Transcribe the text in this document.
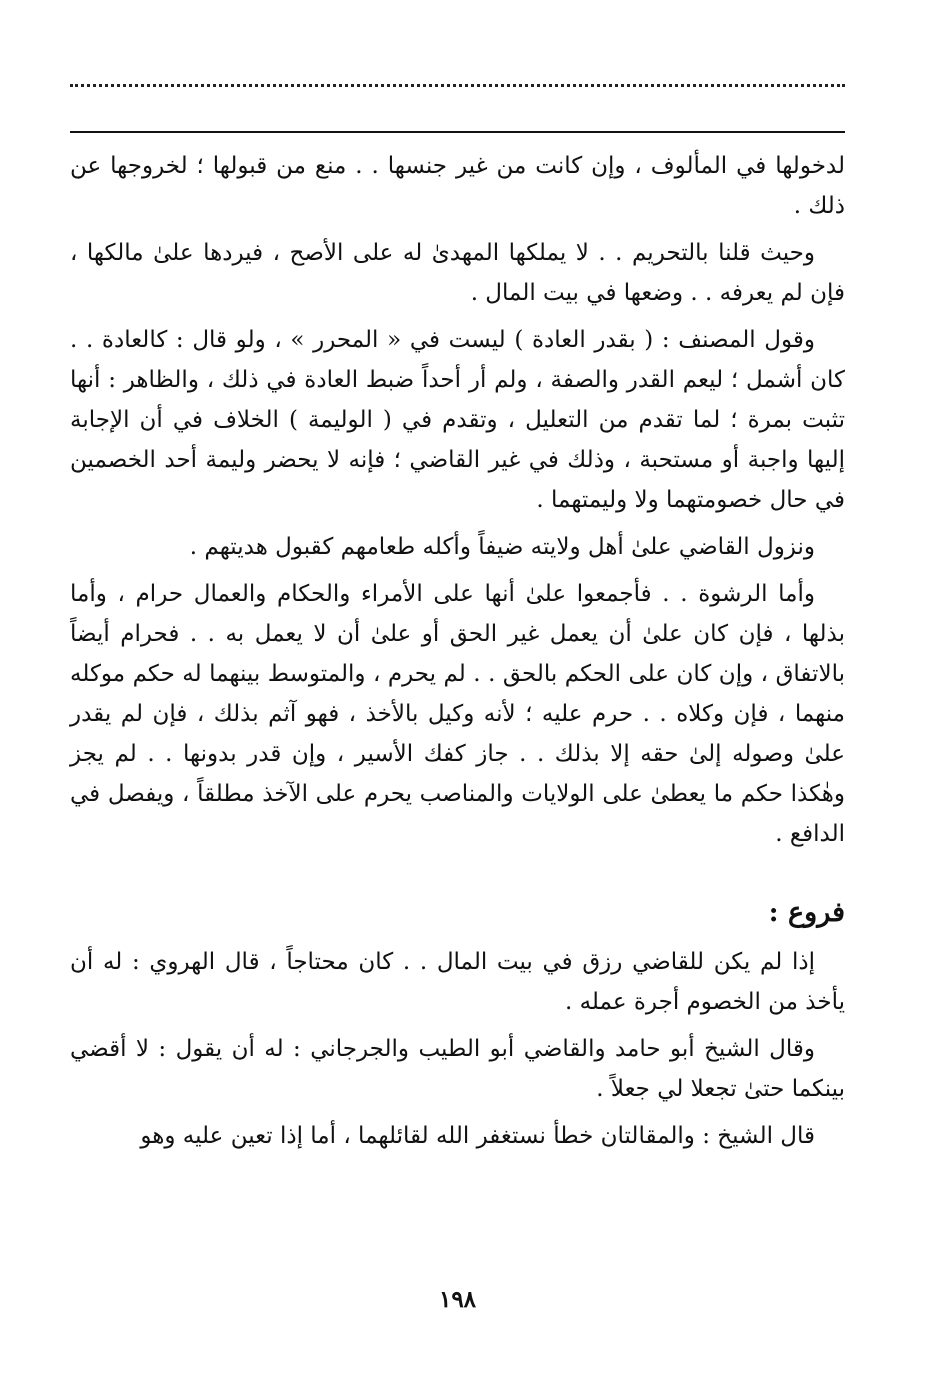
لدخولها في المألوف ، وإن كانت من غير جنسها . . منع من قبولها ؛ لخروجها عن ذلك .

وحيث قلنا بالتحريم . . لا يملكها المهدىٰ له على الأصح ، فيردها علىٰ مالكها ، فإن لم يعرفه . . وضعها في بيت المال .

وقول المصنف : ( بقدر العادة ) ليست في « المحرر » ، ولو قال : كالعادة . . كان أشمل ؛ ليعم القدر والصفة ، ولم أر أحداً ضبط العادة في ذلك ، والظاهر : أنها تثبت بمرة ؛ لما تقدم من التعليل ، وتقدم في ( الوليمة ) الخلاف في أن الإجابة إليها واجبة أو مستحبة ، وذلك في غير القاضي ؛ فإنه لا يحضر وليمة أحد الخصمين في حال خصومتهما ولا وليمتهما .

ونزول القاضي علىٰ أهل ولايته ضيفاً وأكله طعامهم كقبول هديتهم .

وأما الرشوة . . فأجمعوا علىٰ أنها على الأمراء والحكام والعمال حرام ، وأما بذلها ، فإن كان علىٰ أن يعمل غير الحق أو علىٰ أن لا يعمل به . . فحرام أيضاً بالاتفاق ، وإن كان على الحكم بالحق . . لم يحرم ، والمتوسط بينهما له حكم موكله منهما ، فإن وكلاه . . حرم عليه ؛ لأنه وكيل بالأخذ ، فهو آثم بذلك ، فإن لم يقدر علىٰ وصوله إلىٰ حقه إلا بذلك . . جاز كفك الأسير ، وإن قدر بدونها . . لم يجز وهٰكذا حكم ما يعطىٰ على الولايات والمناصب يحرم على الآخذ مطلقاً ، ويفصل في الدافع .

فروع :

إذا لم يكن للقاضي رزق في بيت المال . . كان محتاجاً ، قال الهروي : له أن يأخذ من الخصوم أجرة عمله .

وقال الشيخ أبو حامد والقاضي أبو الطيب والجرجاني : له أن يقول : لا أقضي بينكما حتىٰ تجعلا لي جعلاً .

قال الشيخ : والمقالتان خطأ نستغفر الله لقائلهما ، أما إذا تعين عليه وهو

١٩٨
